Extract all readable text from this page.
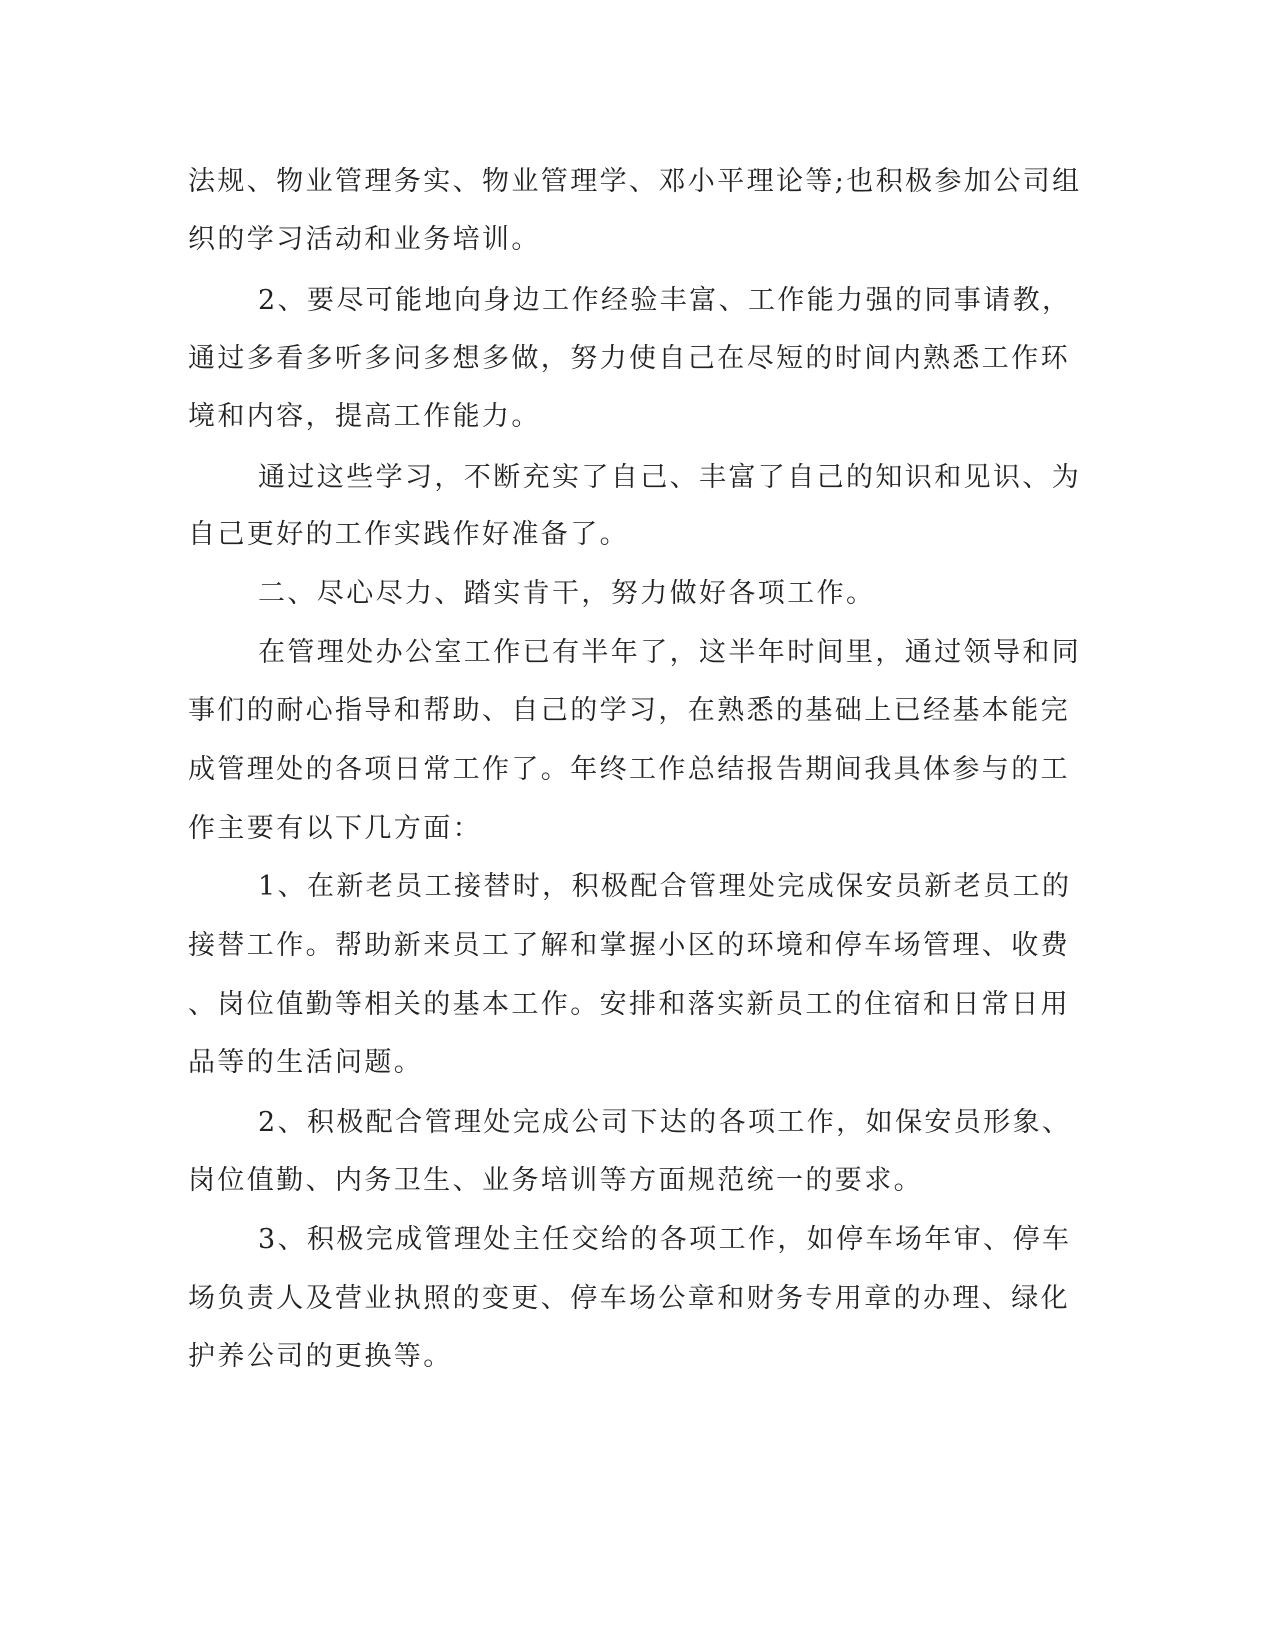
法规、物业管理务实、物业管理学、邓小平理论等;也积极参加公司组

织的学习活动和业务培训。

2、要尽可能地向身边工作经验丰富、工作能力强的同事请教，

通过多看多听多问多想多做，努力使自己在尽短的时间内熟悉工作环

境和内容，提高工作能力。

通过这些学习，不断充实了自己、丰富了自己的知识和见识、为

自己更好的工作实践作好准备了。

二、尽心尽力、踏实肯干，努力做好各项工作。

在管理处办公室工作已有半年了，这半年时间里，通过领导和同

事们的耐心指导和帮助、自己的学习，在熟悉的基础上已经基本能完

成管理处的各项日常工作了。年终工作总结报告期间我具体参与的工

作主要有以下几方面：

1、在新老员工接替时，积极配合管理处完成保安员新老员工的

接替工作。帮助新来员工了解和掌握小区的环境和停车场管理、收费

、岗位值勤等相关的基本工作。安排和落实新员工的住宿和日常日用

品等的生活问题。

2、积极配合管理处完成公司下达的各项工作，如保安员形象、

岗位值勤、内务卫生、业务培训等方面规范统一的要求。

3、积极完成管理处主任交给的各项工作，如停车场年审、停车

场负责人及营业执照的变更、停车场公章和财务专用章的办理、绿化

护养公司的更换等。
